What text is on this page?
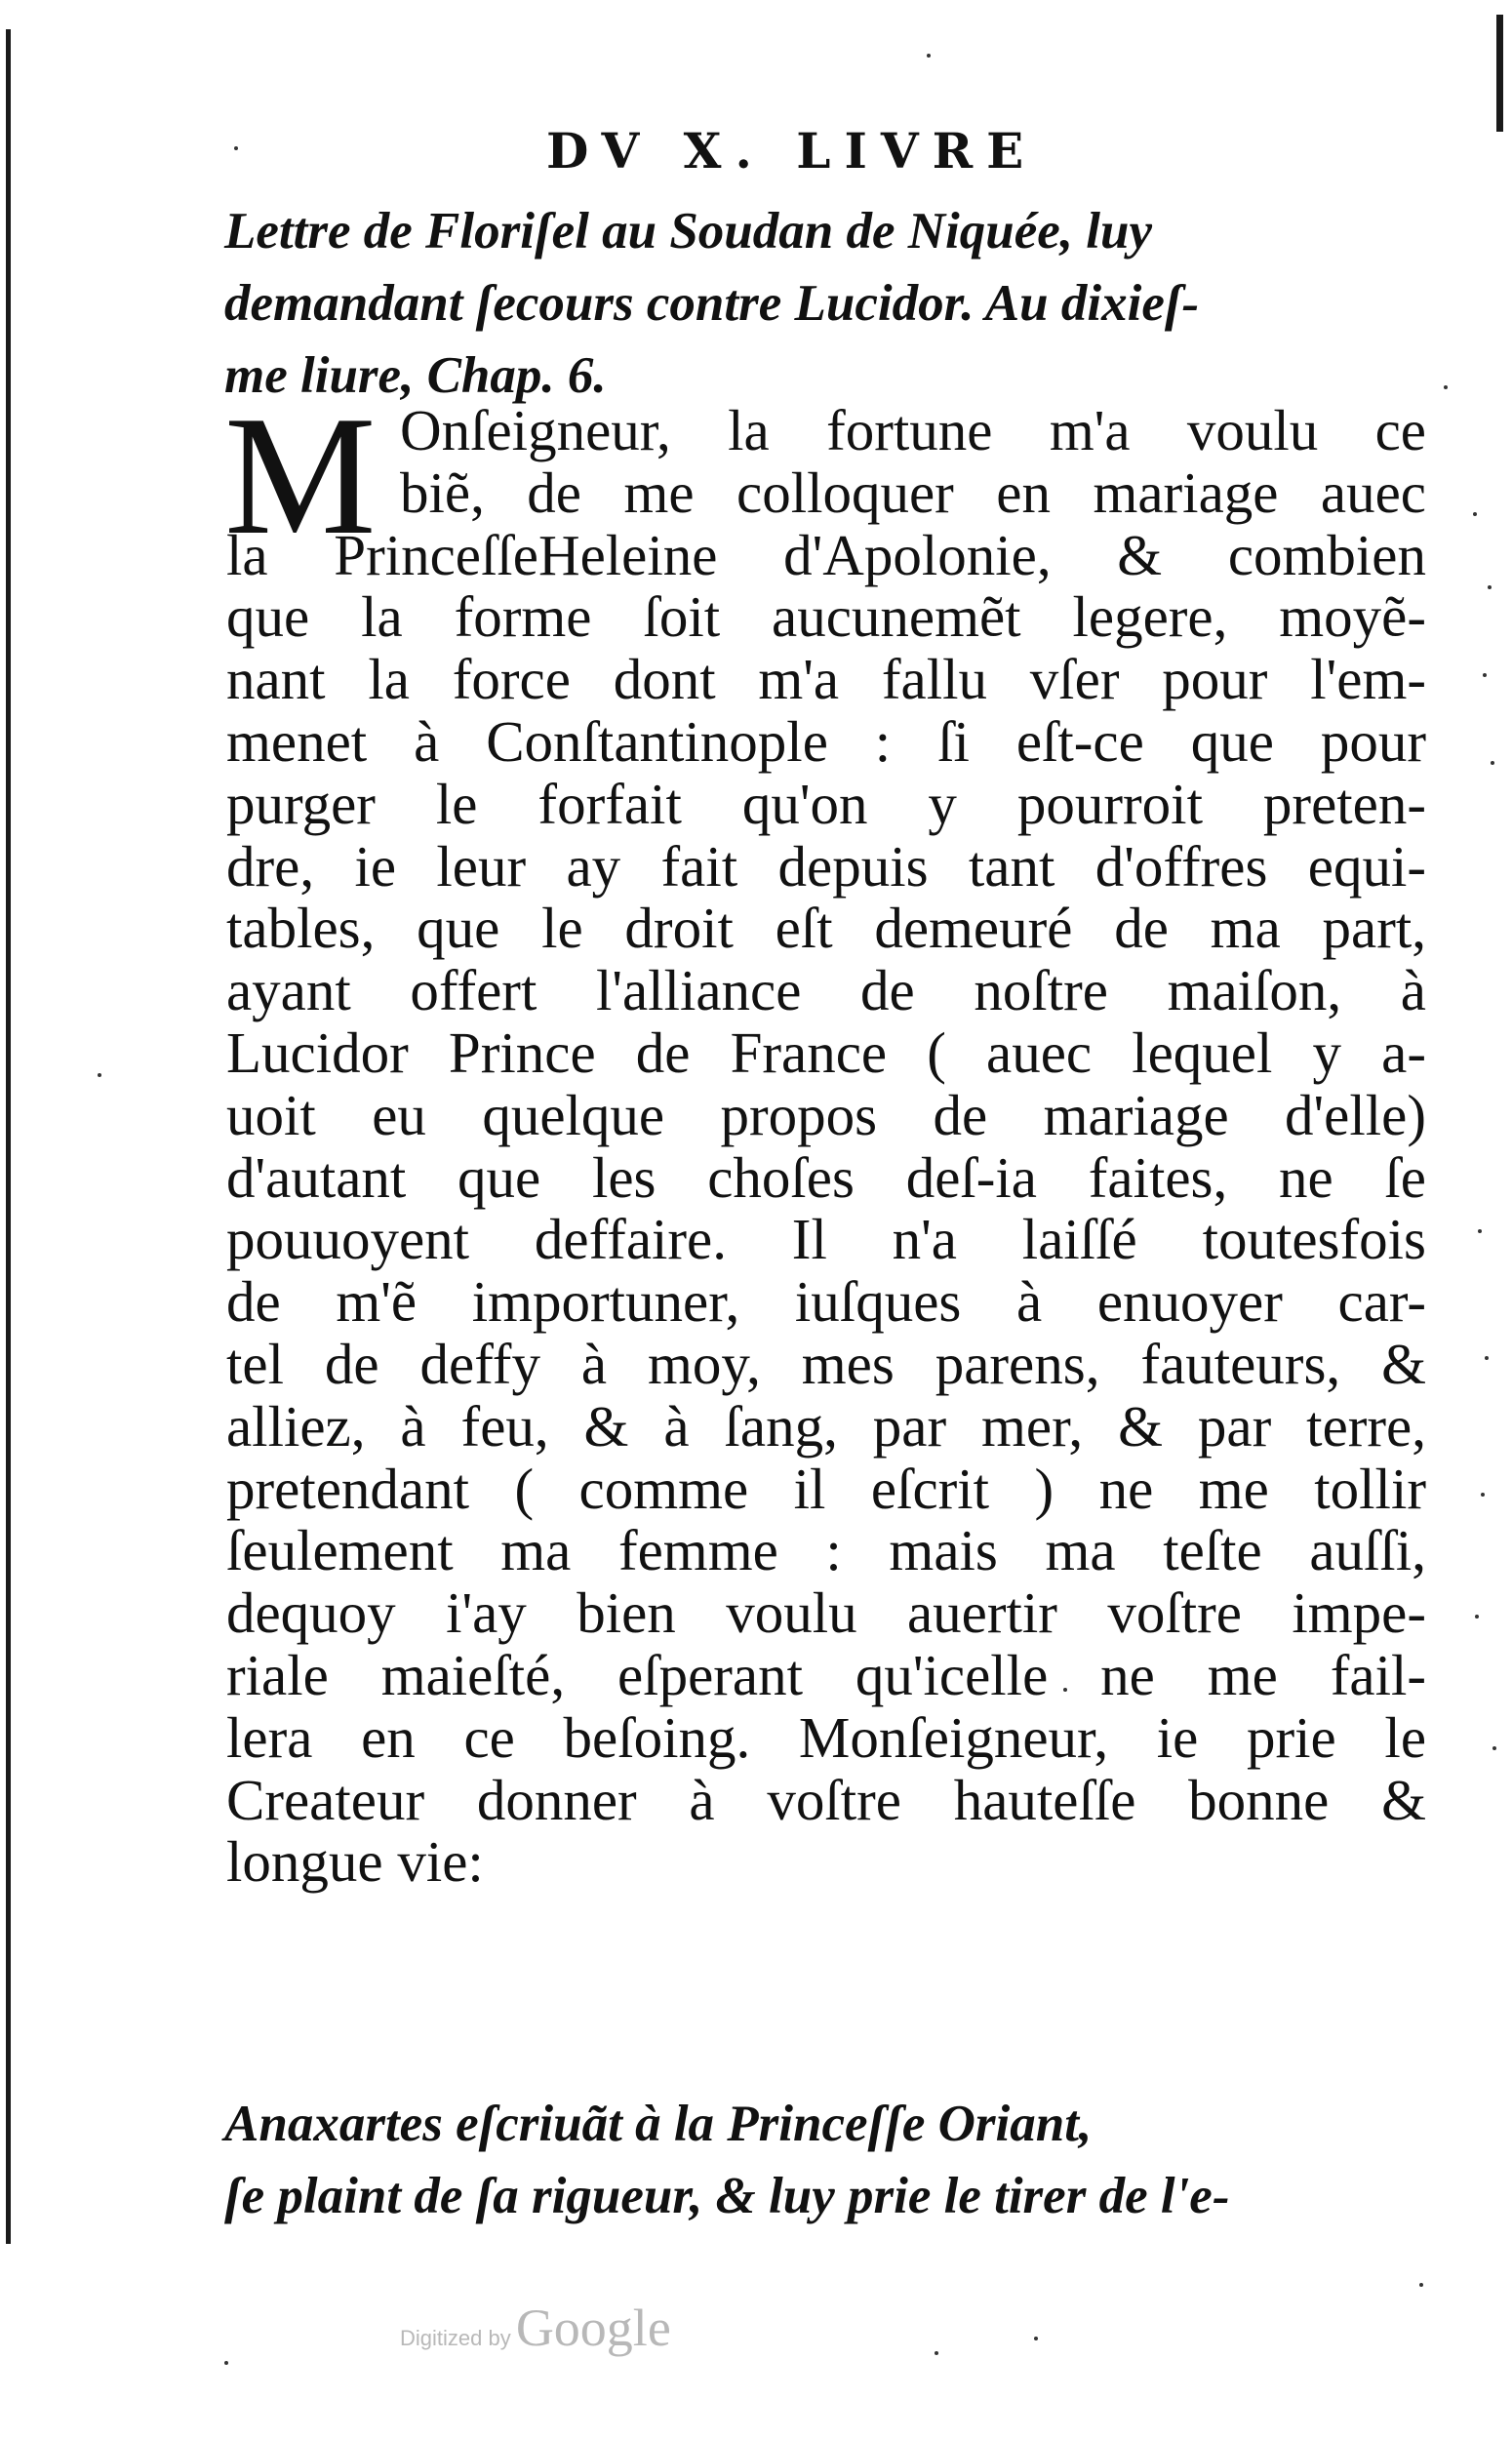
DV X. LIVRE
Lettre de Floriſel au Soudan de Niquée, luy
demandant ſecours contre Lucidor. Au dixieſ-
me liure, Chap. 6.
M Onſeigneur, la fortune m'a voulu ce
biẽ, de me colloquer en mariage auec
la PrinceſſeHeleine d'Apolonie, & combien
que la forme ſoit aucunemẽt legere, moyẽ-
nant la force dont m'a fallu vſer pour l'em-
menet à Conſtantinople : ſi eſt-ce que pour
purger le forfait qu'on y pourroit preten-
dre, ie leur ay fait depuis tant d'offres equi-
tables, que le droit eſt demeuré de ma part,
ayant offert l'alliance de noſtre maiſon, à
Lucidor Prince de France ( auec lequel y a-
uoit eu quelque propos de mariage d'elle)
d'autant que les choſes deſ-ia faites, ne ſe
pouuoyent deffaire. Il n'a laiſſé toutesfois
de m'ẽ importuner, iuſques à enuoyer car-
tel de deffy à moy, mes parens, fauteurs, &
alliez, à feu, & à ſang, par mer, & par terre,
pretendant ( comme il eſcrit ) ne me tollir
ſeulement ma femme : mais ma teſte auſſi,
dequoy i'ay bien voulu auertir voſtre impe-
riale maieſté, eſperant qu'icelle ne me fail-
lera en ce beſoing. Monſeigneur, ie prie le
Createur donner à voſtre hauteſſe bonne &
longue vie:
Anaxartes eſcriuãt à la Princeſſe Oriant,
ſe plaint de ſa rigueur, & luy prie le tirer de l'e-
Digitized by Google
